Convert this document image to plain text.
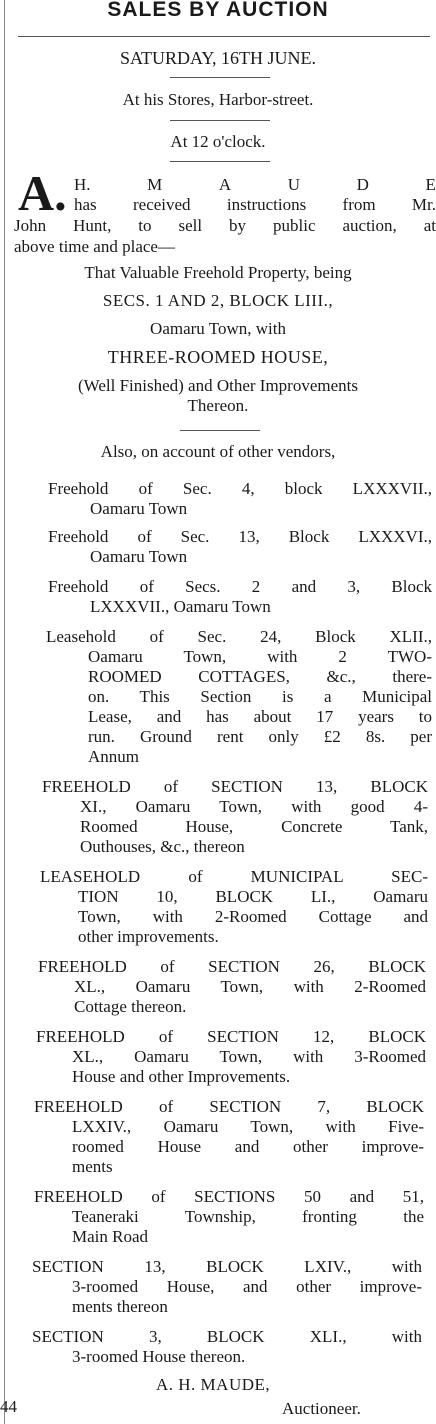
SALES BY AUCTION
SATURDAY, 16TH JUNE.
At his Stores, Harbor-street.
At 12 o'clock.
A. H.	M	A	U	D	E
has received instructions from Mr.
John Hunt, to sell by public auction, at
above time and place—
That Valuable Freehold Property, being
SECS. 1 AND 2, BLOCK LIII.,
Oamaru Town, with
THREE-ROOMED HOUSE,
(Well Finished) and Other Improvements
Thereon.
Also, on account of other vendors,
Freehold of Sec. 4, block LXXXVII.,
Oamaru Town
Freehold of Sec. 13, Block LXXXVI.,
Oamaru Town
Freehold of Secs. 2 and 3, Block
LXXXVII., Oamaru Town
Leasehold of Sec. 24, Block XLII.,
Oamaru Town, with 2 TWO-
ROOMED COTTAGES, &c., there-
on. This Section is a Municipal
Lease, and has about 17 years to
run. Ground rent only £2 8s. per
Annum
FREEHOLD of SECTION 13, BLOCK
XI., Oamaru Town, with good 4-
Roomed House, Concrete Tank,
Outhouses, &c., thereon
LEASEHOLD of MUNICIPAL SEC-
TION 10, BLOCK LI., Oamaru
Town, with 2-Roomed Cottage and
other improvements.
FREEHOLD of SECTION 26, BLOCK
XL., Oamaru Town, with 2-Roomed
Cottage thereon.
FREEHOLD of SECTION 12, BLOCK
XL., Oamaru Town, with 3-Roomed
House and other Improvements.
FREEHOLD of SECTION 7, BLOCK
LXXIV., Oamaru Town, with Five-
roomed House and other improve-
ments
FREEHOLD of SECTIONS 50 and 51,
Teaneraki Township, fronting the
Main Road
SECTION 13, BLOCK LXIV., with
3-roomed House, and other improve-
ments thereon
SECTION 3, BLOCK XLI., with
3-roomed House thereon.
44
A. H. MAUDE,
Auctioneer.
